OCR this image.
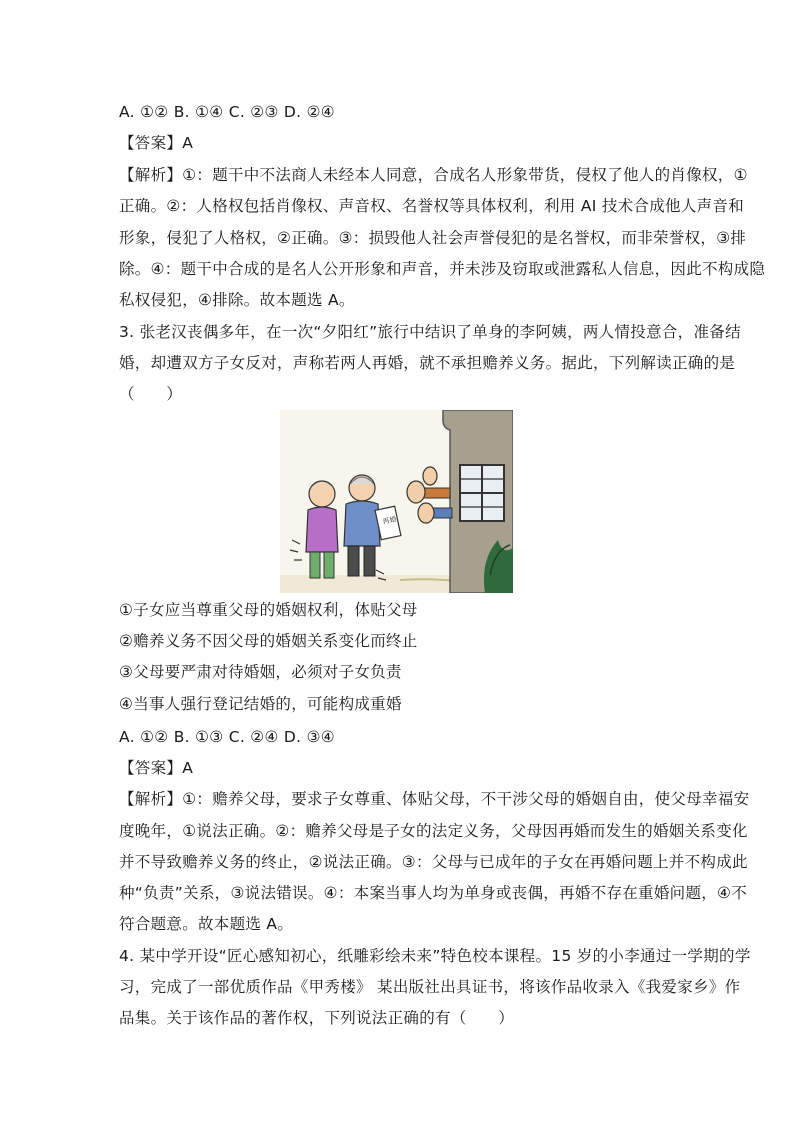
A. ①② B. ①④ C. ②③ D. ②④
【答案】A
【解析】①：题干中不法商人未经本人同意，合成名人形象带货，侵权了他人的肖像权，①
正确。②：人格权包括肖像权、声音权、名誉权等具体权利，利用 AI 技术合成他人声音和
形象，侵犯了人格权，②正确。③：损毁他人社会声誉侵犯的是名誉权，而非荣誉权，③排
除。④：题干中合成的是名人公开形象和声音，并未涉及窃取或泄露私人信息，因此不构成隐
私权侵犯，④排除。故本题选 A。
3. 张老汉丧偶多年，在一次“夕阳红”旅行中结识了单身的李阿姨，两人情投意合，准备结
婚，却遭双方子女反对，声称若两人再婚，就不承担赡养义务。据此，下列解读正确的是
（　　）
再婚
①子女应当尊重父母的婚姻权利，体贴父母
②赡养义务不因父母的婚姻关系变化而终止
③父母要严肃对待婚姻，必须对子女负责
④当事人强行登记结婚的，可能构成重婚
A. ①② B. ①③ C. ②④ D. ③④
【答案】A
【解析】①：赡养父母，要求子女尊重、体贴父母，不干涉父母的婚姻自由，使父母幸福安
度晚年，①说法正确。②：赡养父母是子女的法定义务，父母因再婚而发生的婚姻关系变化
并不导致赡养义务的终止，②说法正确。③：父母与已成年的子女在再婚问题上并不构成此
种“负责”关系，③说法错误。④：本案当事人均为单身或丧偶，再婚不存在重婚问题，④不
符合题意。故本题选 A。
4. 某中学开设“匠心感知初心，纸雕彩绘未来”特色校本课程。15 岁的小李通过一学期的学
习，完成了一部优质作品《甲秀楼》 某出版社出具证书，将该作品收录入《我爱家乡》作
品集。关于该作品的著作权，下列说法正确的有（　　）
